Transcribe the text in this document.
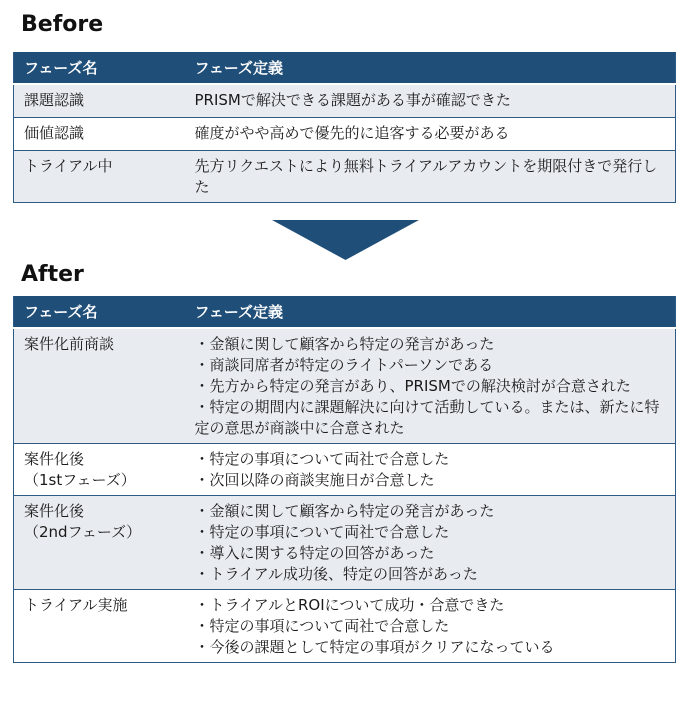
Before
フェーズ名	フェーズ定義
課題認識	PRISMで解決できる課題がある事が確認できた
価値認識	確度がやや高めで優先的に追客する必要がある
トライアル中	先方リクエストにより無料トライアルアカウントを期限付きで発行した
After
フェーズ名	フェーズ定義

案件化前商談	・金額に関して顧客から特定の発言があった
・商談同席者が特定のライトパーソンである
・先方から特定の発言があり、PRISMでの解決検討が合意された
・特定の期間内に課題解決に向けて活動している。または、新たに特定の意思が商談中に合意された

案件化後
（1stフェーズ）	・特定の事項について両社で合意した
・次回以降の商談実施日が合意した

案件化後
（2ndフェーズ）	・金額に関して顧客から特定の発言があった
・特定の事項について両社で合意した
・導入に関する特定の回答があった
・トライアル成功後、特定の回答があった

トライアル実施	・トライアルとROIについて成功・合意できた
・特定の事項について両社で合意した
・今後の課題として特定の事項がクリアになっている
